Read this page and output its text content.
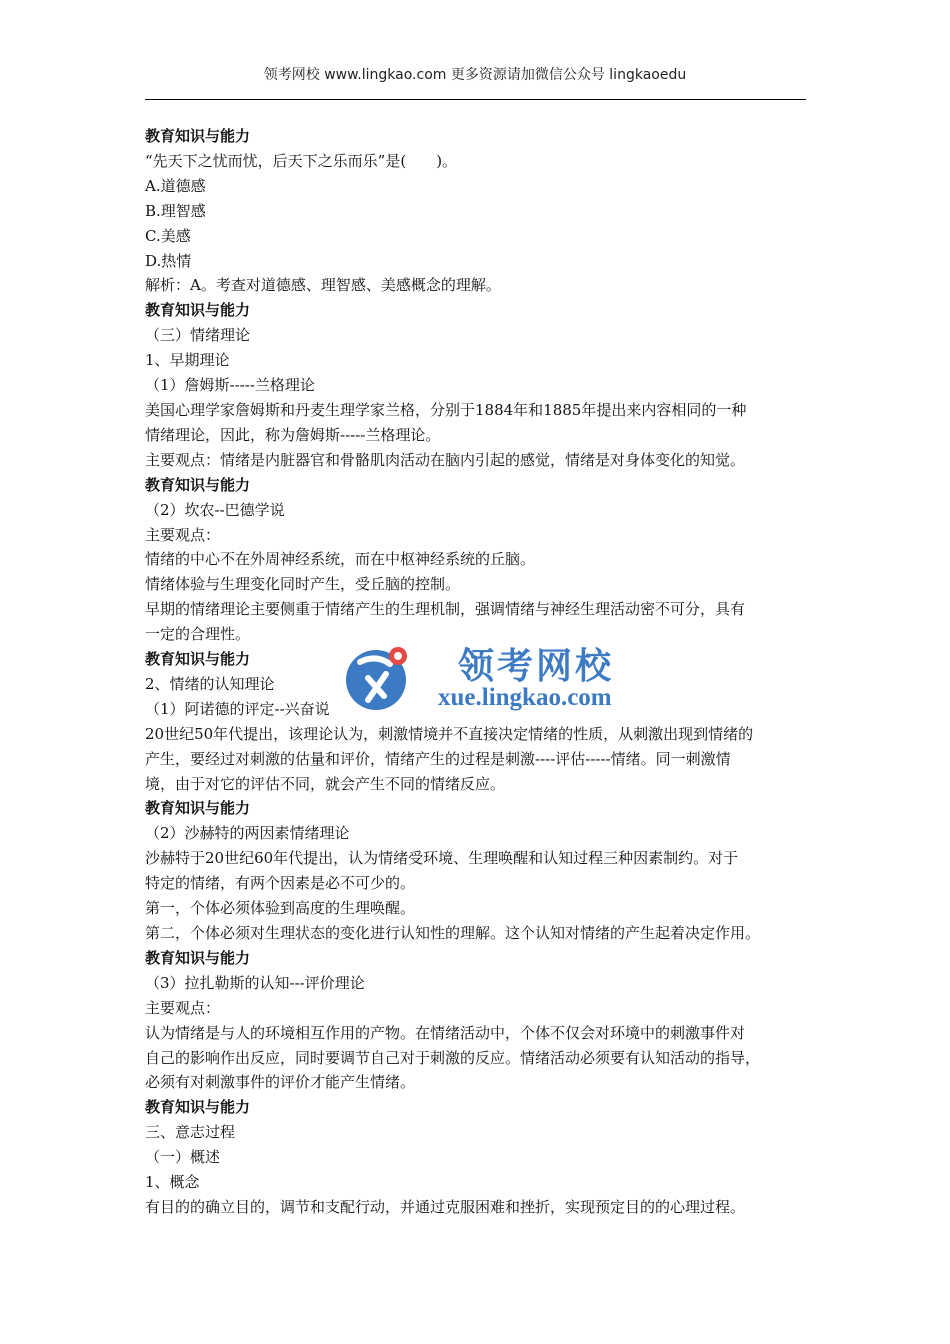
领考网校 www.lingkao.com 更多资源请加微信公众号 lingkaoedu
教育知识与能力
“先天下之忧而忧，后天下之乐而乐”是(　　)。
A.道德感
B.理智感
C.美感
D.热情
解析：A。考查对道德感、理智感、美感概念的理解。
教育知识与能力
（三）情绪理论
1、早期理论
（1）詹姆斯-----兰格理论
美国心理学家詹姆斯和丹麦生理学家兰格，分别于1884年和1885年提出来内容相同的一种
情绪理论，因此，称为詹姆斯-----兰格理论。
主要观点：情绪是内脏器官和骨骼肌肉活动在脑内引起的感觉，情绪是对身体变化的知觉。
教育知识与能力
（2）坎农--巴德学说
主要观点：
情绪的中心不在外周神经系统，而在中枢神经系统的丘脑。
情绪体验与生理变化同时产生，受丘脑的控制。
早期的情绪理论主要侧重于情绪产生的生理机制，强调情绪与神经生理活动密不可分，具有
一定的合理性。
教育知识与能力
2、情绪的认知理论
（1）阿诺德的评定--兴奋说
20世纪50年代提出，该理论认为，刺激情境并不直接决定情绪的性质，从刺激出现到情绪的
产生，要经过对刺激的估量和评价，情绪产生的过程是刺激----评估-----情绪。同一刺激情
境，由于对它的评估不同，就会产生不同的情绪反应。
教育知识与能力
（2）沙赫特的两因素情绪理论
沙赫特于20世纪60年代提出，认为情绪受环境、生理唤醒和认知过程三种因素制约。对于
特定的情绪，有两个因素是必不可少的。
第一，个体必须体验到高度的生理唤醒。
第二，个体必须对生理状态的变化进行认知性的理解。这个认知对情绪的产生起着决定作用。
教育知识与能力
（3）拉扎勒斯的认知---评价理论
主要观点：
认为情绪是与人的环境相互作用的产物。在情绪活动中，个体不仅会对环境中的刺激事件对
自己的影响作出反应，同时要调节自己对于刺激的反应。情绪活动必须要有认知活动的指导，
必须有对刺激事件的评价才能产生情绪。
教育知识与能力
三、意志过程
（一）概述
1、概念
有目的的确立目的，调节和支配行动，并通过克服困难和挫折，实现预定目的的心理过程。
领考网校
xue.lingkao.com
